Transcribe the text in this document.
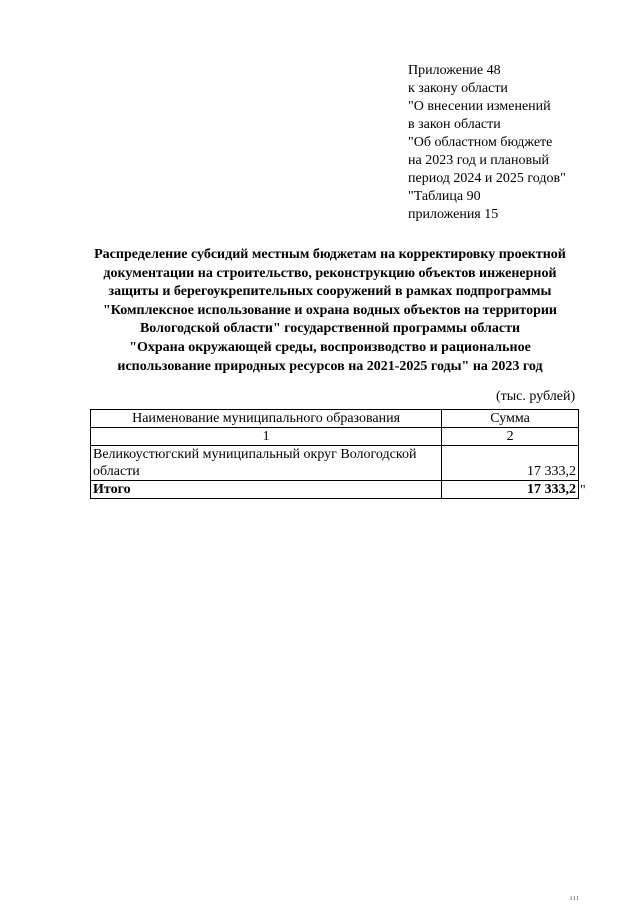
Приложение 48
к закону области
"О внесении изменений
в закон области
"Об областном бюджете
на 2023 год и плановый
период 2024 и 2025 годов"
"Таблица 90
приложения 15
Распределение субсидий местным бюджетам на корректировку проектной
документации на строительство, реконструкцию объектов инженерной
защиты и берегоукрепительных сооружений в рамках подпрограммы
"Комплексное использование и охрана водных объектов на территории
Вологодской области" государственной программы области
"Охрана окружающей среды, воспроизводство и рациональное
использование природных ресурсов на 2021-2025 годы" на 2023 год
(тыс. рублей)
Наименование муниципального образования	Сумма
1	2
Великоустюгский муниципальный округ Вологодской области	17 333,2
Итого	17 333,2 "
ııı
